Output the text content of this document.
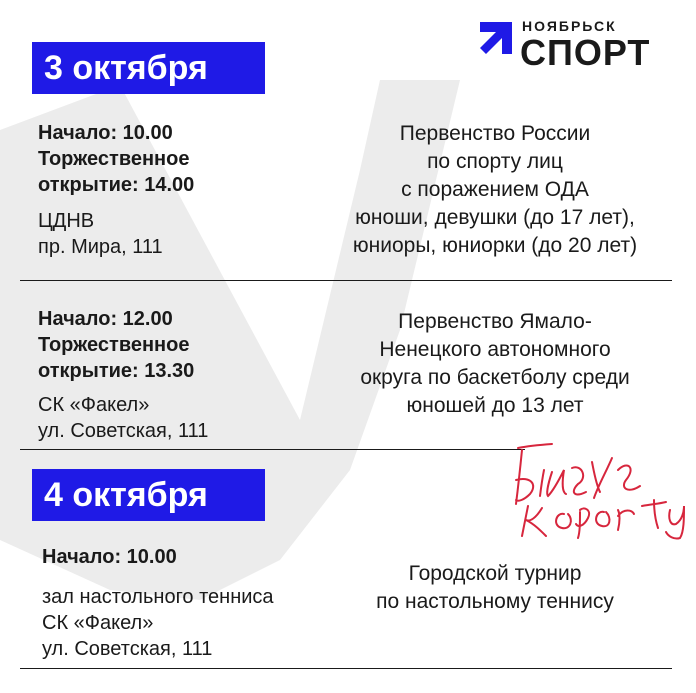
НОЯБРЬСК
СПОРТ
3 октября
Начало: 10.00
Торжественное
открытие: 14.00
ЦДНВ
пр. Мира, 111
Первенство России
по спорту лиц
с поражением ОДА
юноши, девушки (до 17 лет),
юниоры, юниорки (до 20 лет)
Начало: 12.00
Торжественное
открытие: 13.30
СК «Факел»
ул. Советская, 111
Первенство Ямало-
Ненецкого автономного
округа по баскетболу среди
юношей до 13 лет
4 октября
Начало: 10.00
зал настольного тенниса
СК «Факел»
ул. Советская, 111
Городской турнир
по настольному теннису
